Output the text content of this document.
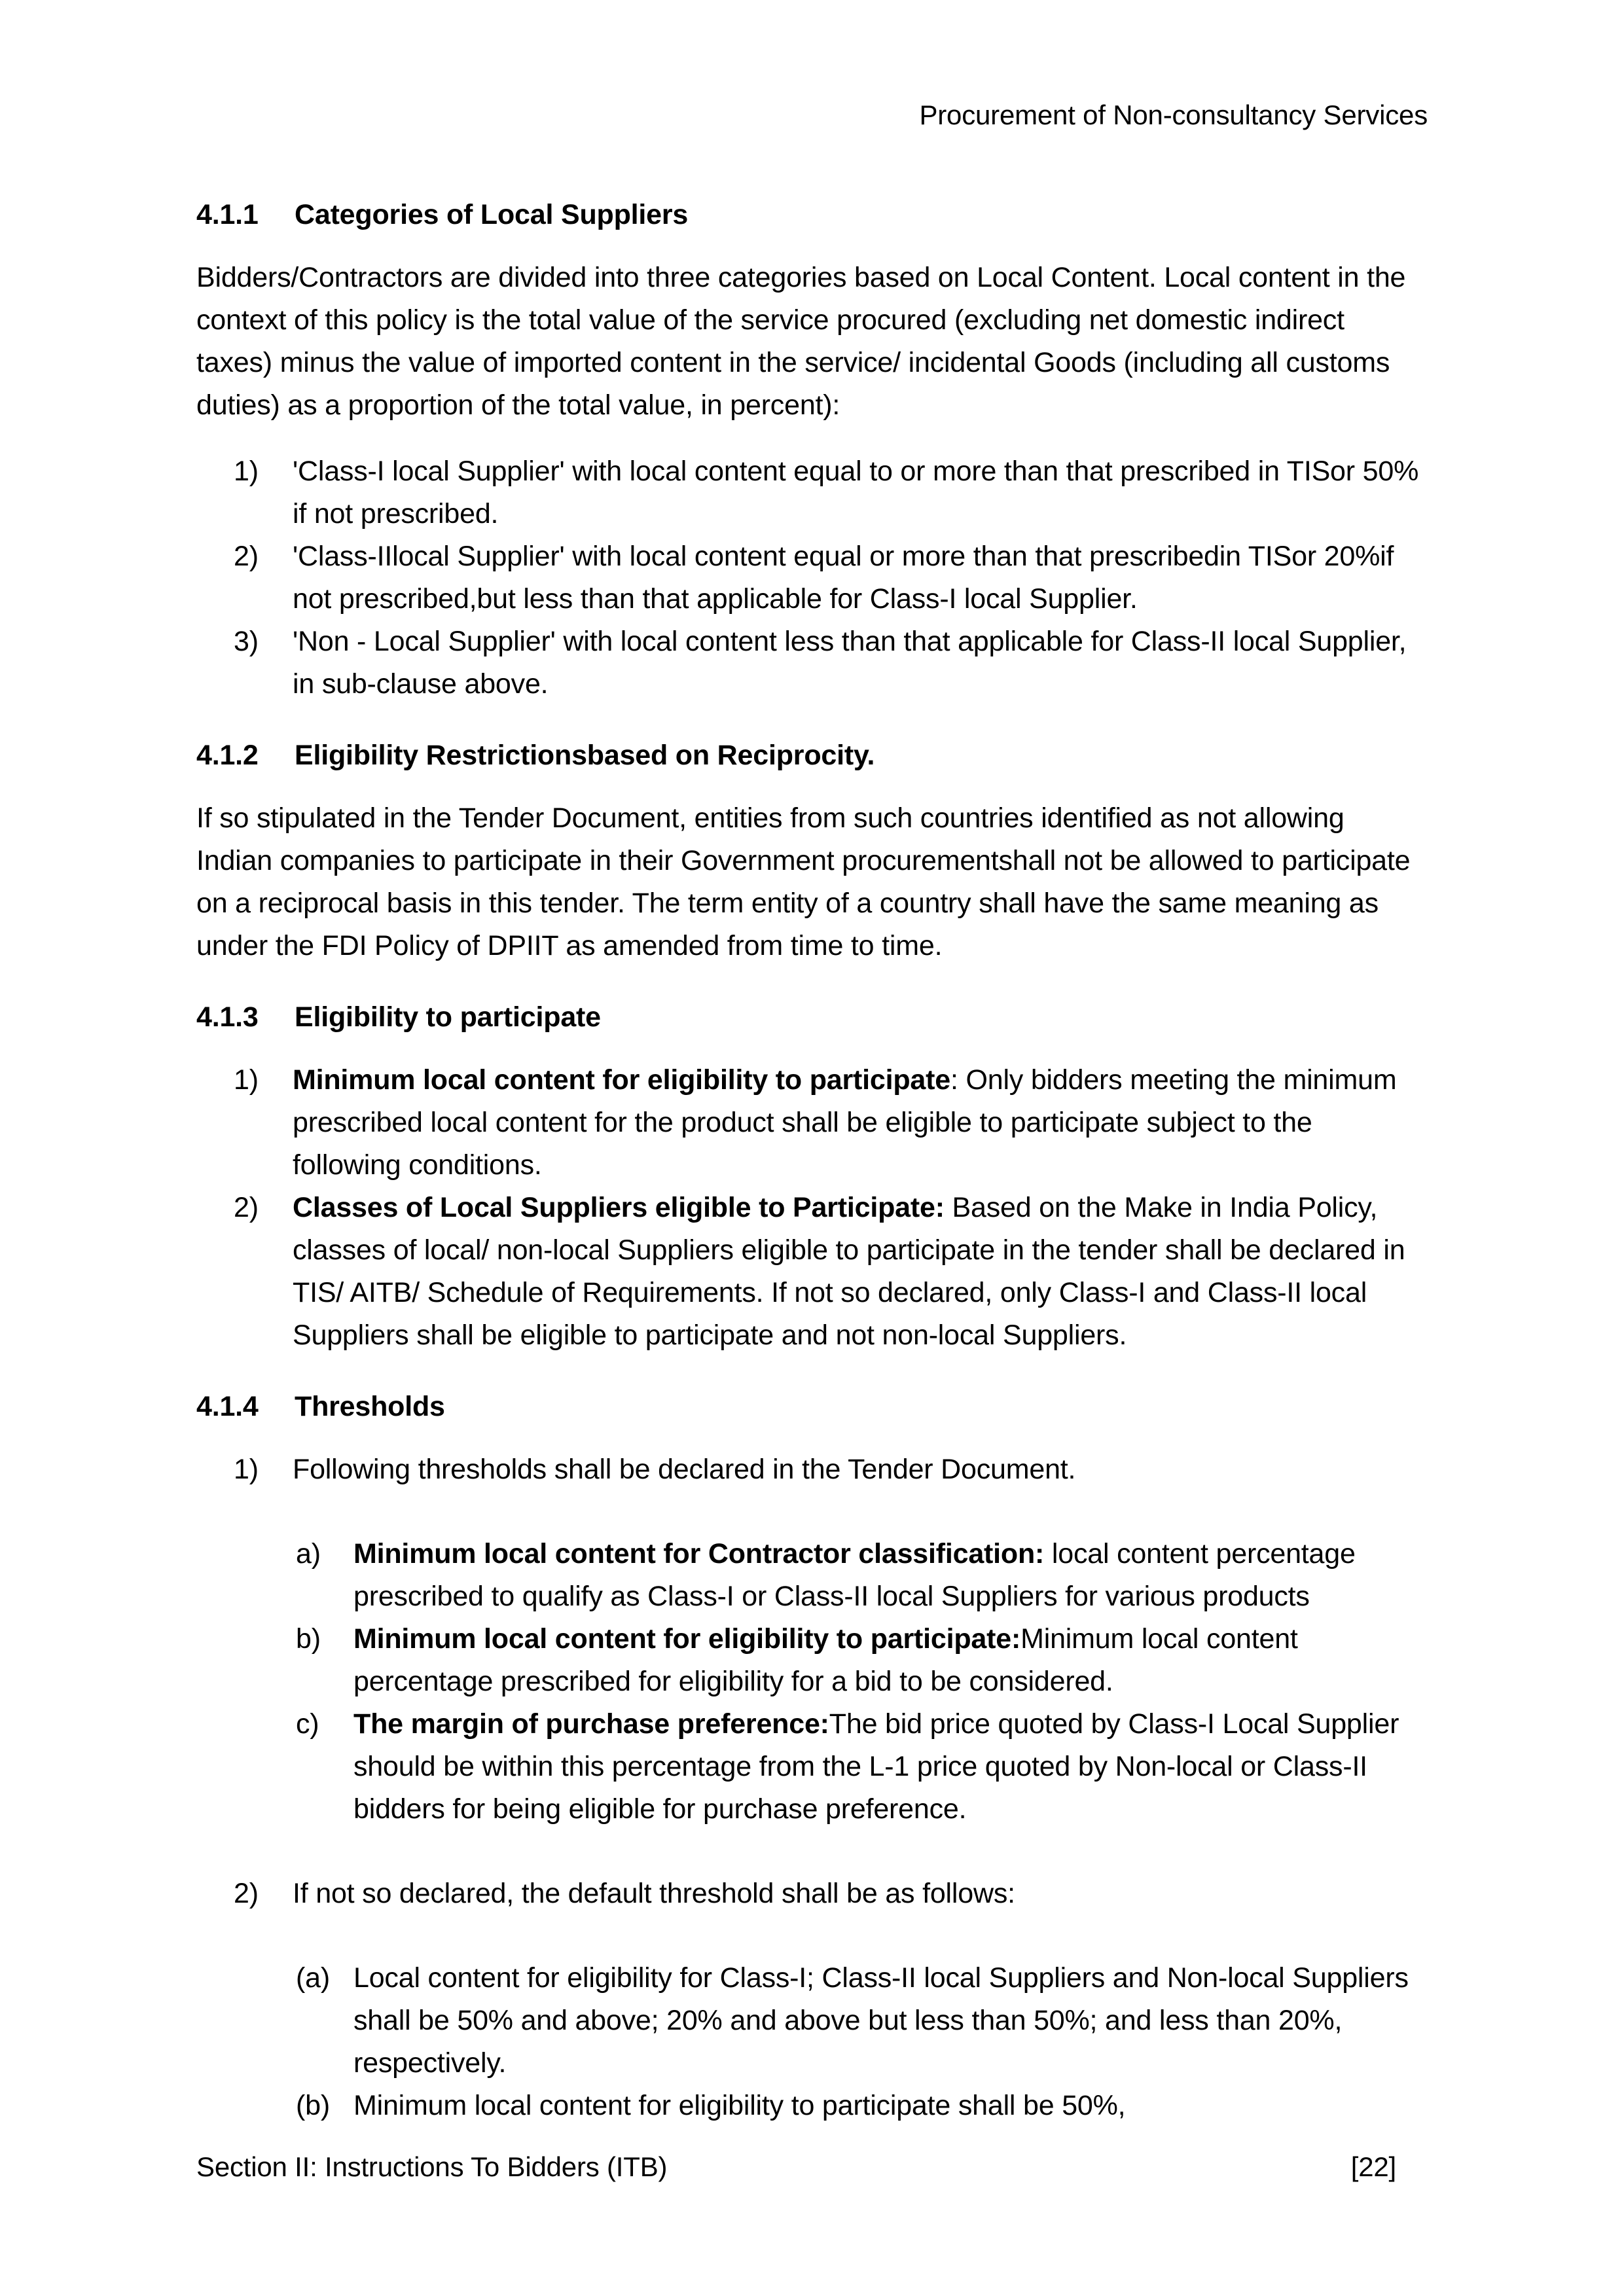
Procurement of Non-consultancy Services
4.1.1 Categories of Local Suppliers

Bidders/Contractors are divided into three categories based on Local Content. Local content in the context of this policy is the total value of the service procured (excluding net domestic indirect taxes) minus the value of imported content in the service/ incidental Goods (including all customs duties) as a proportion of the total value, in percent):

1) 'Class-I local Supplier' with local content equal to or more than that prescribed in TISor 50% if not prescribed.
2) 'Class-IIlocal Supplier' with local content equal or more than that prescribedin TISor 20%if not prescribed,but less than that applicable for Class-I local Supplier.
3) 'Non - Local Supplier' with local content less than that applicable for Class-II local Supplier, in sub-clause above.
4.1.2 Eligibility Restrictionsbased on Reciprocity.

If so stipulated in the Tender Document, entities from such countries identified as not allowing Indian companies to participate in their Government procurementshall not be allowed to participate on a reciprocal basis in this tender. The term entity of a country shall have the same meaning as under the FDI Policy of DPIIT as amended from time to time.

4.1.3 Eligibility to participate
1) Minimum local content for eligibility to participate: Only bidders meeting the minimum prescribed local content for the product shall be eligible to participate subject to the following conditions.
2) Classes of Local Suppliers eligible to Participate: Based on the Make in India Policy, classes of local/ non-local Suppliers eligible to participate in the tender shall be declared in TIS/ AITB/ Schedule of Requirements. If not so declared, only Class-I and Class-II local Suppliers shall be eligible to participate and not non-local Suppliers.
4.1.4 Thresholds
1) Following thresholds shall be declared in the Tender Document.
a) Minimum local content for Contractor classification: local content percentage prescribed to qualify as Class-I or Class-II local Suppliers for various products
b) Minimum local content for eligibility to participate:Minimum local content percentage prescribed for eligibility for a bid to be considered.
c) The margin of purchase preference:The bid price quoted by Class-I Local Supplier should be within this percentage from the L-1 price quoted by Non-local or Class-II bidders for being eligible for purchase preference.
2) If not so declared, the default threshold shall be as follows:
(a) Local content for eligibility for Class-I; Class-II local Suppliers and Non-local Suppliers shall be 50% and above; 20% and above but less than 50%; and less than 20%, respectively.
(b) Minimum local content for eligibility to participate shall be 50%,
Section II: Instructions To Bidders (ITB)	[22]
